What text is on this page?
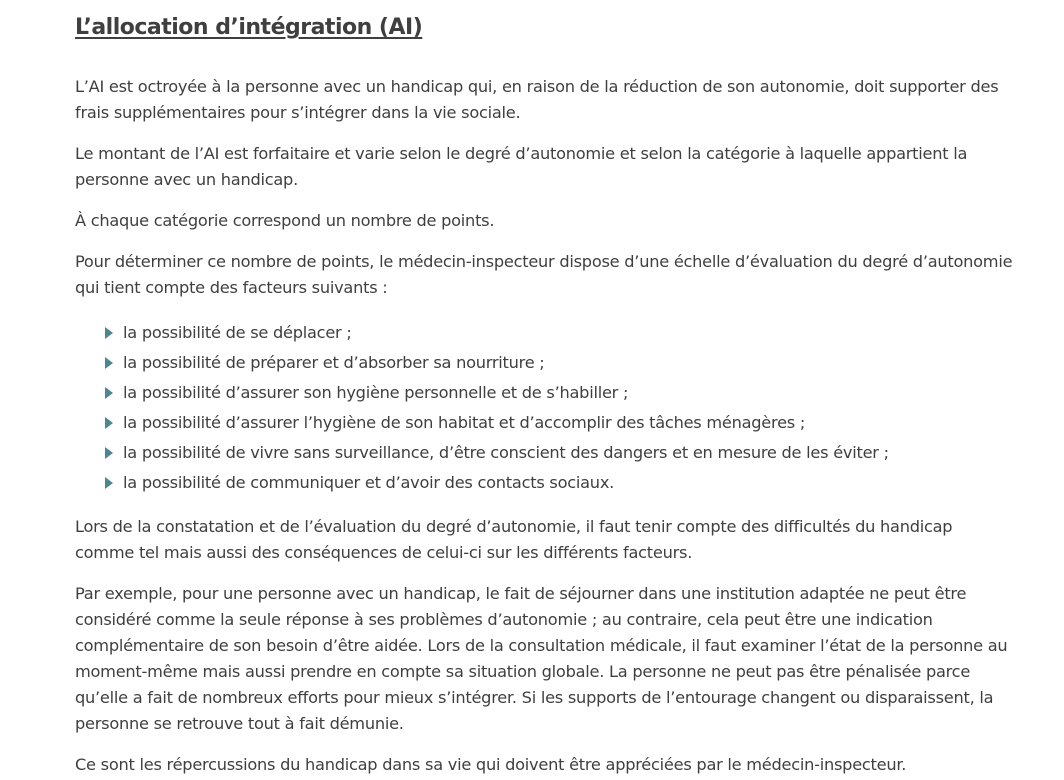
L’allocation d’intégration (AI)

L’AI est octroyée à la personne avec un handicap qui, en raison de la réduction de son autonomie, doit supporter des frais supplémentaires pour s’intégrer dans la vie sociale.

Le montant de l’AI est forfaitaire et varie selon le degré d’autonomie et selon la catégorie à laquelle appartient la personne avec un handicap.

À chaque catégorie correspond un nombre de points.

Pour déterminer ce nombre de points, le médecin-inspecteur dispose d’une échelle d’évaluation du degré d’autonomie qui tient compte des facteurs suivants :

la possibilité de se déplacer ;
la possibilité de préparer et d’absorber sa nourriture ;
la possibilité d’assurer son hygiène personnelle et de s’habiller ;
la possibilité d’assurer l’hygiène de son habitat et d’accomplir des tâches ménagères ;
la possibilité de vivre sans surveillance, d’être conscient des dangers et en mesure de les éviter ;
la possibilité de communiquer et d’avoir des contacts sociaux.

Lors de la constatation et de l’évaluation du degré d’autonomie, il faut tenir compte des difficultés du handicap comme tel mais aussi des conséquences de celui-ci sur les différents facteurs.

Par exemple, pour une personne avec un handicap, le fait de séjourner dans une institution adaptée ne peut être considéré comme la seule réponse à ses problèmes d’autonomie ; au contraire, cela peut être une indication complémentaire de son besoin d’être aidée. Lors de la consultation médicale, il faut examiner l’état de la personne au moment-même mais aussi prendre en compte sa situation globale. La personne ne peut pas être pénalisée parce qu’elle a fait de nombreux efforts pour mieux s’intégrer. Si les supports de l’entourage changent ou disparaissent, la personne se retrouve tout à fait démunie.

Ce sont les répercussions du handicap dans sa vie qui doivent être appréciées par le médecin-inspecteur.
